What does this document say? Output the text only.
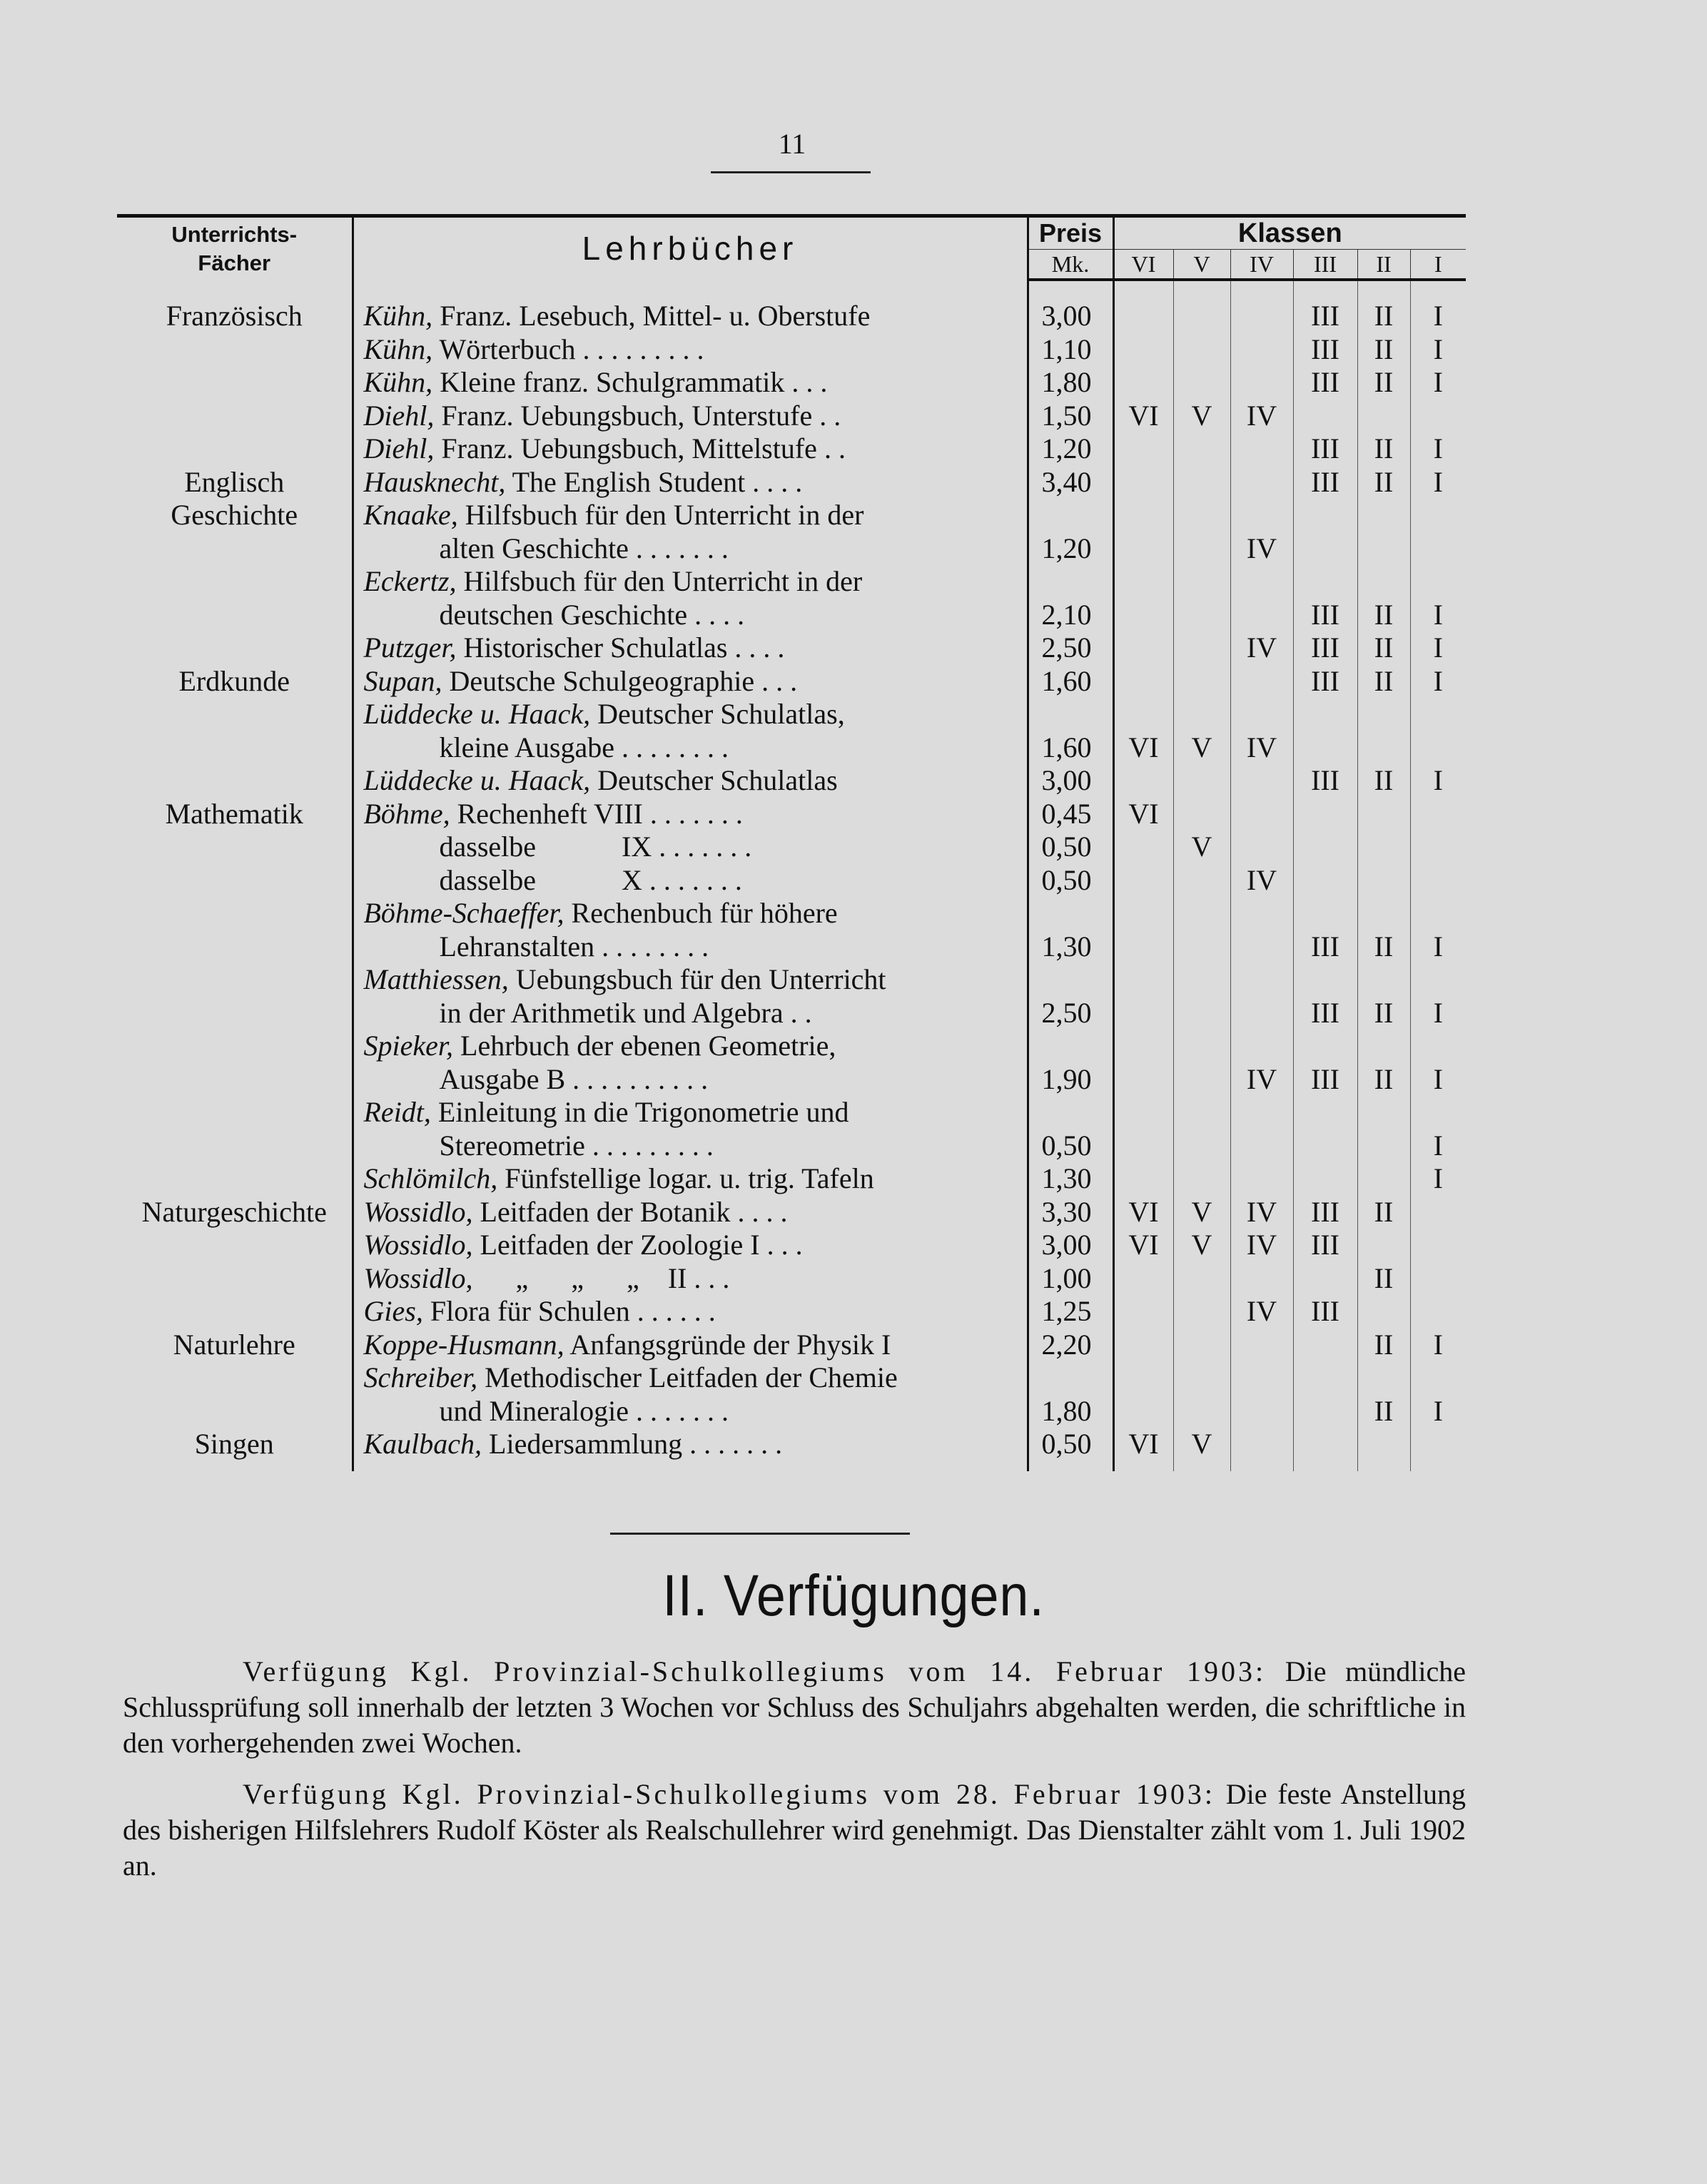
11
Unterrichts-
Fächer	Lehrbücher	Preis	Klassen					
		Mk.	VI	V	IV	III	II	I

Französisch	Kühn, Franz. Lesebuch, Mittel- u. Oberstufe	3,00				III	II	I
	Kühn, Wörterbuch . . . . . . . . .	1,10				III	II	I
	Kühn, Kleine franz. Schulgrammatik . . .	1,80				III	II	I
	Diehl, Franz. Uebungsbuch, Unterstufe . .	1,50	VI	V	IV			
	Diehl, Franz. Uebungsbuch, Mittelstufe . .	1,20				III	II	I
Englisch	Hausknecht, The English Student . . . .	3,40				III	II	I
Geschichte	Knaake, Hilfsbuch für den Unterricht in der							
	alten Geschichte . . . . . . .	1,20			IV			
	Eckertz, Hilfsbuch für den Unterricht in der							
	deutschen Geschichte . . . .	2,10				III	II	I
	Putzger, Historischer Schulatlas . . . .	2,50			IV	III	II	I
Erdkunde	Supan, Deutsche Schulgeographie . . .	1,60				III	II	I
	Lüddecke u. Haack, Deutscher Schulatlas,							
	kleine Ausgabe . . . . . . . .	1,60	VI	V	IV			
	Lüddecke u. Haack, Deutscher Schulatlas	3,00				III	II	I
Mathematik	Böhme, Rechenheft VIII . . . . . . .	0,45	VI					
	dasselbe            IX . . . . . . .	0,50		V				
	dasselbe            X . . . . . . .	0,50			IV			
	Böhme-Schaeffer, Rechenbuch für höhere							
	Lehranstalten . . . . . . . .	1,30				III	II	I
	Matthiessen, Uebungsbuch für den Unterricht							
	in der Arithmetik und Algebra . .	2,50				III	II	I
	Spieker, Lehrbuch der ebenen Geometrie,							
	Ausgabe B . . . . . . . . . .	1,90			IV	III	II	I
	Reidt, Einleitung in die Trigonometrie und							
	Stereometrie . . . . . . . . .	0,50						I
	Schlömilch, Fünfstellige logar. u. trig. Tafeln	1,30						I
Naturgeschichte	Wossidlo, Leitfaden der Botanik . . . .	3,30	VI	V	IV	III	II	
	Wossidlo, Leitfaden der Zoologie I . . .	3,00	VI	V	IV	III		
	Wossidlo,      „      „      „    II . . .	1,00					II	
	Gies, Flora für Schulen . . . . . .	1,25			IV	III		
Naturlehre	Koppe-Husmann, Anfangsgründe der Physik I	2,20					II	I
	Schreiber, Methodischer Leitfaden der Chemie							
	und Mineralogie . . . . . . .	1,80					II	I
Singen	Kaulbach, Liedersammlung . . . . . . .	0,50	VI	V				
II. Verfügungen.
Verfügung Kgl. Provinzial-Schulkollegiums vom 14. Februar 1903: Die mündliche Schlussprüfung soll innerhalb der letzten 3 Wochen vor Schluss des Schuljahrs abgehalten werden, die schriftliche in den vorhergehenden zwei Wochen.
Verfügung Kgl. Provinzial-Schulkollegiums vom 28. Februar 1903: Die feste Anstellung des bisherigen Hilfslehrers Rudolf Köster als Realschullehrer wird genehmigt. Das Dienstalter zählt vom 1. Juli 1902 an.
